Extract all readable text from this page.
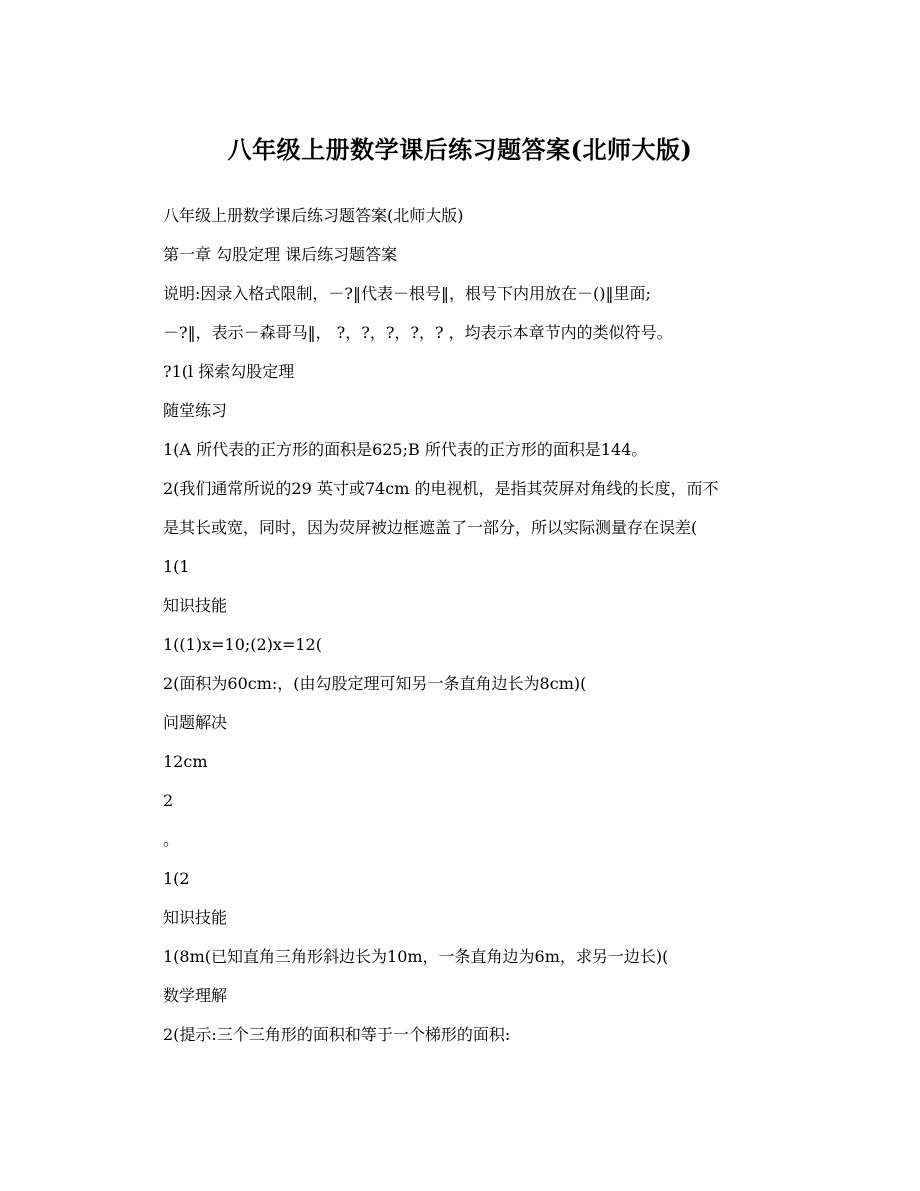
八年级上册数学课后练习题答案(北师大版)
八年级上册数学课后练习题答案(北师大版)
第一章 勾股定理 课后练习题答案
说明:因录入格式限制，－?‖代表－根号‖，根号下内用放在－()‖里面;
－?‖，表示－森哥马‖， ?，?，?，?，? ，均表示本章节内的类似符号。
?1(l 探索勾股定理
随堂练习
1(A 所代表的正方形的面积是625;B 所代表的正方形的面积是144。
2(我们通常所说的29 英寸或74cm 的电视机，是指其荧屏对角线的长度，而不
是其长或宽，同时，因为荧屏被边框遮盖了一部分，所以实际测量存在误差(
1(1
知识技能
1((1)x=10;(2)x=12(
2(面积为60cm:，(由勾股定理可知另一条直角边长为8cm)(
问题解决
12cm
2
。
1(2
知识技能
1(8m(已知直角三角形斜边长为10m，一条直角边为6m，求另一边长)(
数学理解
2(提示:三个三角形的面积和等于一个梯形的面积:
